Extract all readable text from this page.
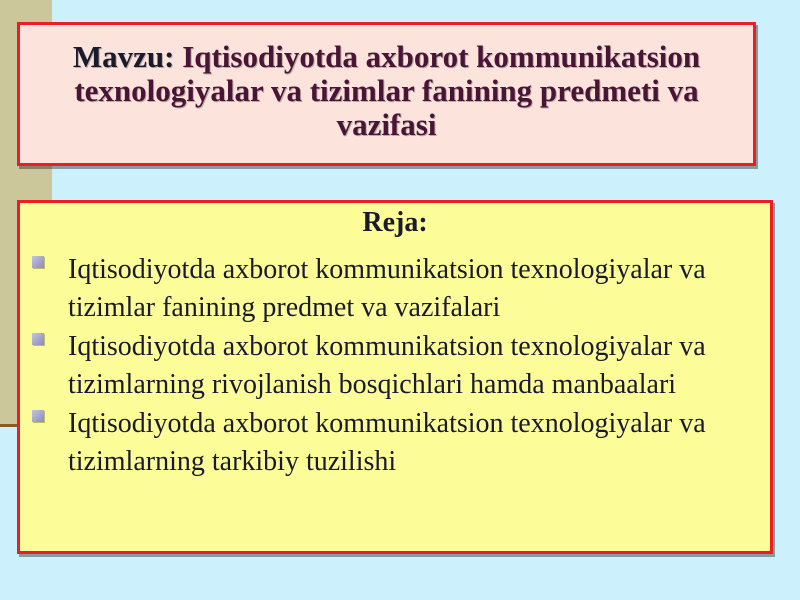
Mavzu: Iqtisodiyotda axborot kommunikatsion texnologiyalar va tizimlar fanining predmeti va vazifasi
Reja:
Iqtisodiyotda axborot kommunikatsion texnologiyalar va tizimlar fanining predmet va vazifalari
Iqtisodiyotda axborot kommunikatsion texnologiyalar va tizimlarning rivojlanish bosqichlari hamda manbaalari
Iqtisodiyotda axborot kommunikatsion texnologiyalar va tizimlarning tarkibiy tuzilishi
